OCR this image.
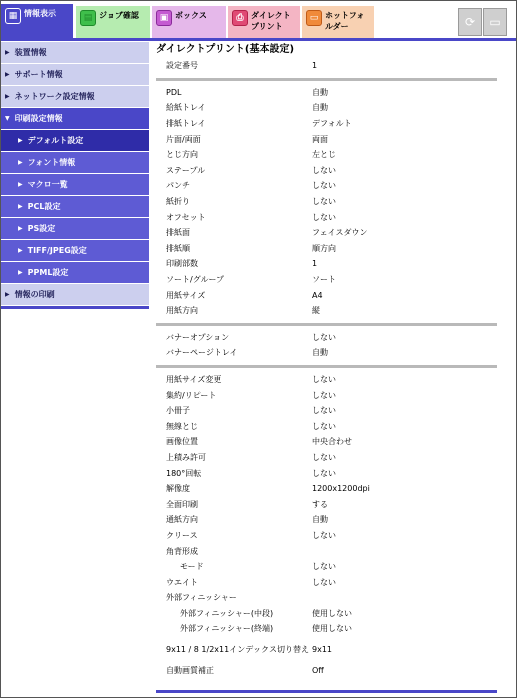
▦ 情報表示	▤ ジョブ確認	▣ ボックス	⎙ ダイレクトプリント
▭ ホットフォルダー	⟳ ▭
▶ 装置情報
▶ サポート情報
▶ ネットワーク設定情報
▼ 印刷設定情報
▶ デフォルト設定
▶ フォント情報
▶ マクロ一覧
▶ PCL設定
▶ PS設定
▶ TIFF/JPEG設定
▶ PPML設定
▶ 情報の印刷
ダイレクトプリント(基本設定)
設定番号	1
PDL	自動
給紙トレイ	自動
排紙トレイ	デフォルト
片面/両面	両面
とじ方向	左とじ
ステープル	しない
パンチ	しない
紙折り	しない
オフセット	しない
排紙面	フェイスダウン
排紙順	順方向
印刷部数	1
ソート/グループ	ソート
用紙サイズ	A4
用紙方向	縦
バナーオプション	しない
バナーページトレイ	自動
用紙サイズ変更	しない
集約/リピート	しない
小冊子	しない
無線とじ	しない
画像位置	中央合わせ
上積み許可	しない
180°回転	しない
解像度	1200x1200dpi
全面印刷	する
通紙方向	自動
クリース	しない
角背形成
モード	しない
ウエイト	しない
外部フィニッシャー
外部フィニッシャー(中段)	使用しない
外部フィニッシャー(終端)	使用しない
9x11 / 8 1/2x11インデックス切り替え 9x11
自動画質補正	Off
